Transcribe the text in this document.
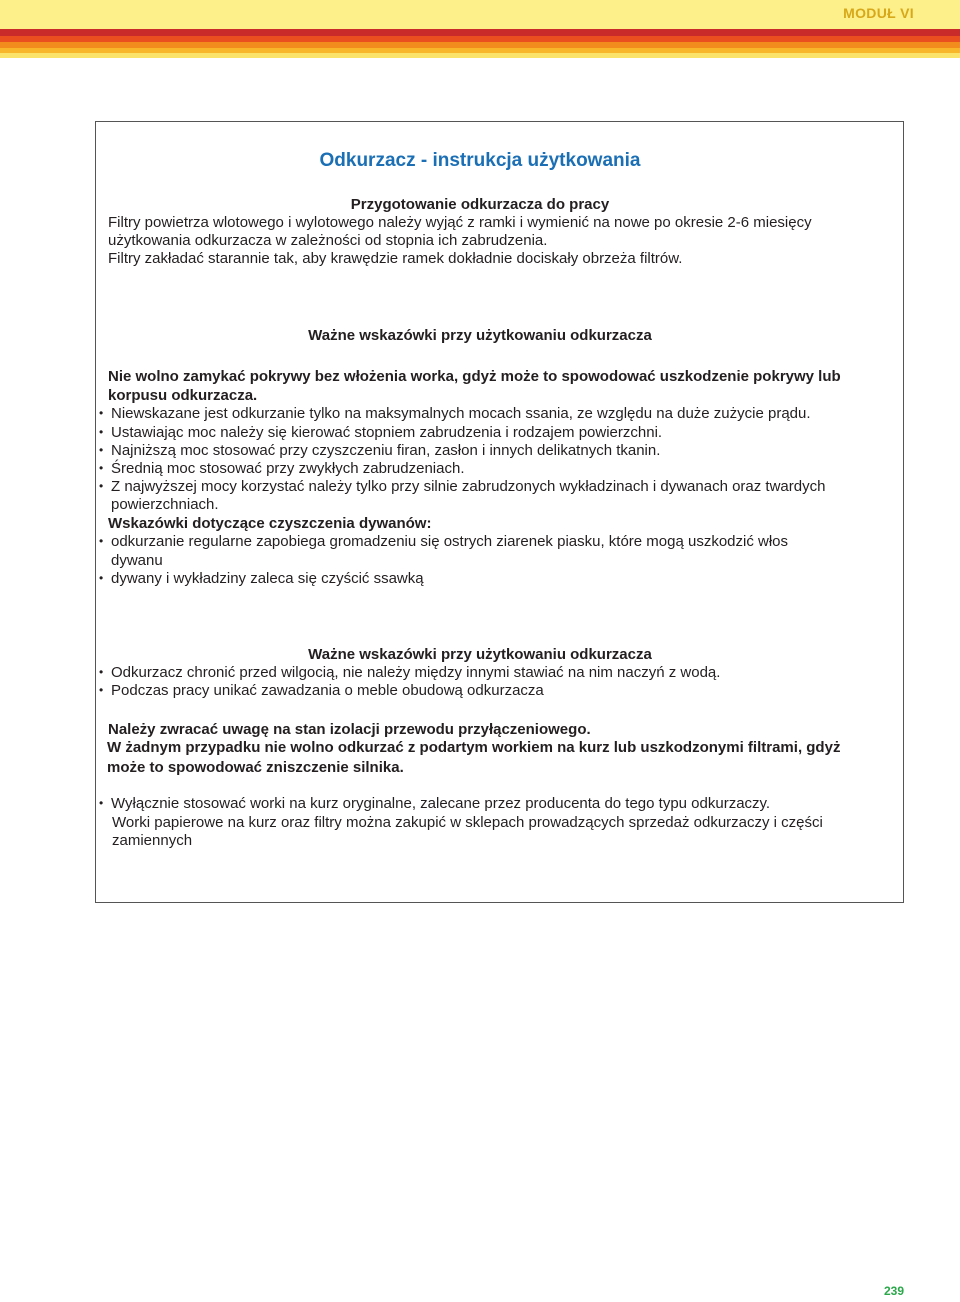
MODUŁ VI
Odkurzacz - instrukcja użytkowania
Przygotowanie odkurzacza do pracy
Filtry powietrza wlotowego i wylotowego należy wyjąć z ramki i wymienić na nowe po okresie 2-6 miesięcy
użytkowania odkurzacza w zależności od stopnia ich zabrudzenia.
Filtry zakładać starannie tak, aby krawędzie ramek dokładnie dociskały obrzeża filtrów.
Ważne wskazówki przy użytkowaniu odkurzacza
Nie wolno zamykać pokrywy bez włożenia worka, gdyż może to spowodować uszkodzenie pokrywy lub
korpusu odkurzacza.
• Niewskazane jest odkurzanie tylko na maksymalnych mocach ssania, ze względu na duże zużycie prądu.
• Ustawiając moc należy się kierować stopniem zabrudzenia i rodzajem powierzchni.
• Najniższą moc stosować przy czyszczeniu firan, zasłon i innych delikatnych tkanin.
• Średnią moc stosować przy zwykłych zabrudzeniach.
• Z najwyższej mocy korzystać należy tylko przy silnie zabrudzonych wykładzinach i dywanach oraz twardych
powierzchniach.
Wskazówki dotyczące czyszczenia dywanów:
• odkurzanie regularne zapobiega gromadzeniu się ostrych ziarenek piasku, które mogą uszkodzić włos
dywanu
• dywany i wykładziny zaleca się czyścić ssawką
Ważne wskazówki przy użytkowaniu odkurzacza
• Odkurzacz chronić przed wilgocią, nie należy między innymi stawiać na nim naczyń z wodą.
• Podczas pracy unikać zawadzania o meble obudową odkurzacza
Należy zwracać uwagę na stan izolacji przewodu przyłączeniowego.
W żadnym przypadku nie wolno odkurzać z podartym workiem na kurz lub uszkodzonymi filtrami, gdyż
może to spowodować zniszczenie silnika.
• Wyłącznie stosować worki na kurz oryginalne, zalecane przez producenta do tego typu odkurzaczy.
Worki papierowe na kurz oraz filtry można zakupić w sklepach prowadzących sprzedaż odkurzaczy i części
zamiennych
239
